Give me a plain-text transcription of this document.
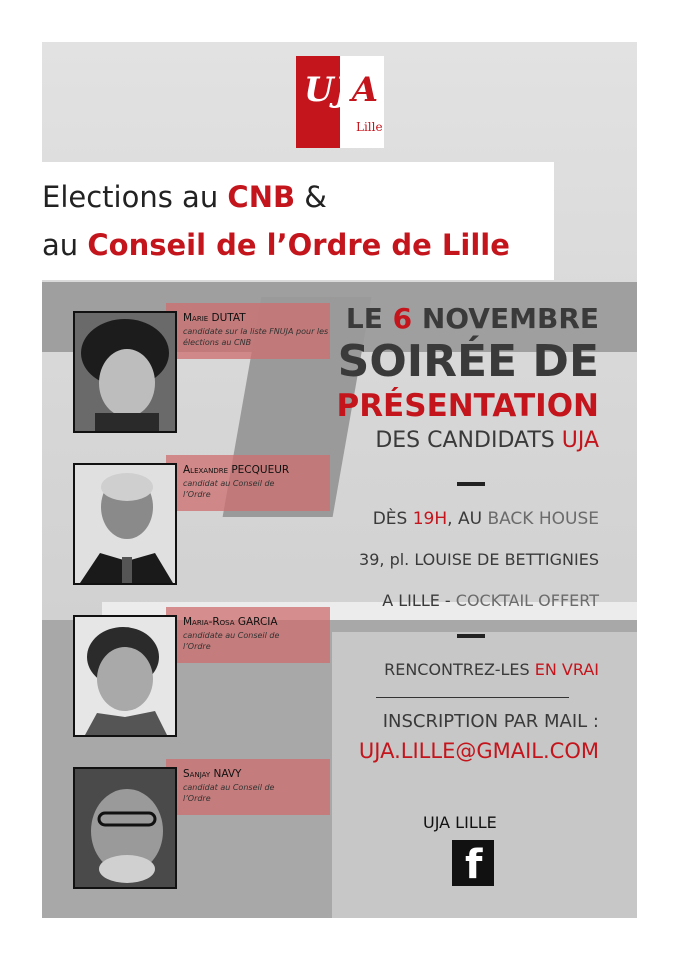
UJA
Lille
Elections au CNB &
au Conseil de l’Ordre de Lille
Marie DUTAT
candidate sur la liste FNUJA pour les élections au CNB
Alexandre PECQUEUR
candidat au Conseil de l’Ordre
Maria-Rosa GARCIA
candidate au Conseil de l’Ordre
Sanjay NAVY
candidat au Conseil de l’Ordre
LE 6 NOVEMBRE
SOIRÉE DE
PRÉSENTATION
DES CANDIDATS UJA
DÈS 19H, AU BACK HOUSE
39, pl. LOUISE DE BETTIGNIES
A LILLE - COCKTAIL OFFERT
RENCONTREZ-LES EN VRAI
INSCRIPTION PAR MAIL :
UJA.LILLE@GMAIL.COM
UJA LILLE
f
